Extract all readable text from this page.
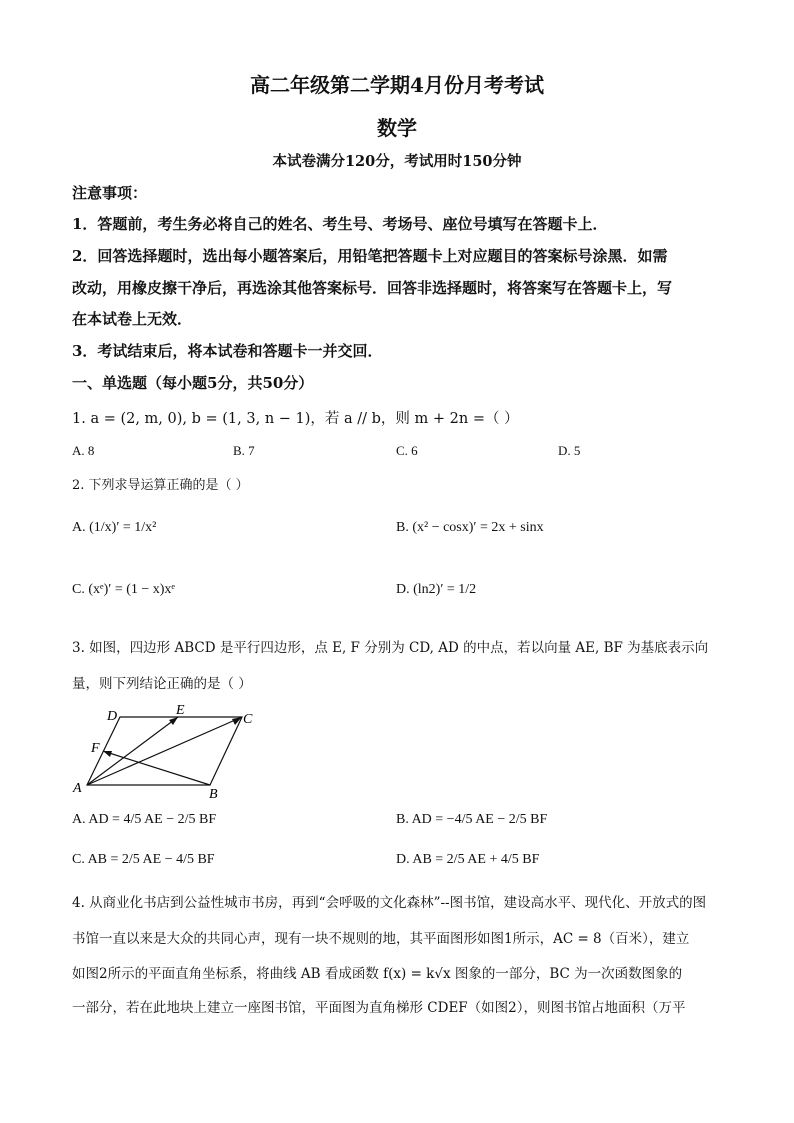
高二年级第二学期4月份月考考试
数学
本试卷满分120分，考试用时150分钟
注意事项：
1．答题前，考生务必将自己的姓名、考生号、考场号、座位号填写在答题卡上．
2．回答选择题时，选出每小题答案后，用铅笔把答题卡上对应题目的答案标号涂黑．如需
改动，用橡皮擦干净后，再选涂其他答案标号．回答非选择题时，将答案写在答题卡上，写
在本试卷上无效．
3．考试结束后，将本试卷和答题卡一并交回．
一、单选题（每小题5分，共50分）
1. a = (2, m, 0), b = (1, 3, n − 1)，若 a // b，则 m + 2n =（ ）
A. 8	B. 7	C. 6	D. 5
2. 下列求导运算正确的是（ ）
A. (1/x)′ = 1/x²	B. (x² − cosx)′ = 2x + sinx
C. (xᵉ)′ = (1 − x)xᵉ	D. (ln2)′ = 1/2
3. 如图，四边形 ABCD 是平行四边形，点 E, F 分别为 CD, AD 的中点，若以向量 AE, BF 为基底表示向
量，则下列结论正确的是（ ）
D	E
C
F
A	B
A. AD = 4/5 AE − 2/5 BF	B. AD = −4/5 AE − 2/5 BF
C. AB = 2/5 AE − 4/5 BF	D. AB = 2/5 AE + 4/5 BF
4. 从商业化书店到公益性城市书房，再到“会呼吸的文化森林”--图书馆，建设高水平、现代化、开放式的图
书馆一直以来是大众的共同心声，现有一块不规则的地，其平面图形如图1所示，AC = 8（百米），建立
如图2所示的平面直角坐标系，将曲线 AB 看成函数 f(x) = k√x 图象的一部分，BC 为一次函数图象的
一部分，若在此地块上建立一座图书馆，平面图为直角梯形 CDEF（如图2），则图书馆占地面积（万平
